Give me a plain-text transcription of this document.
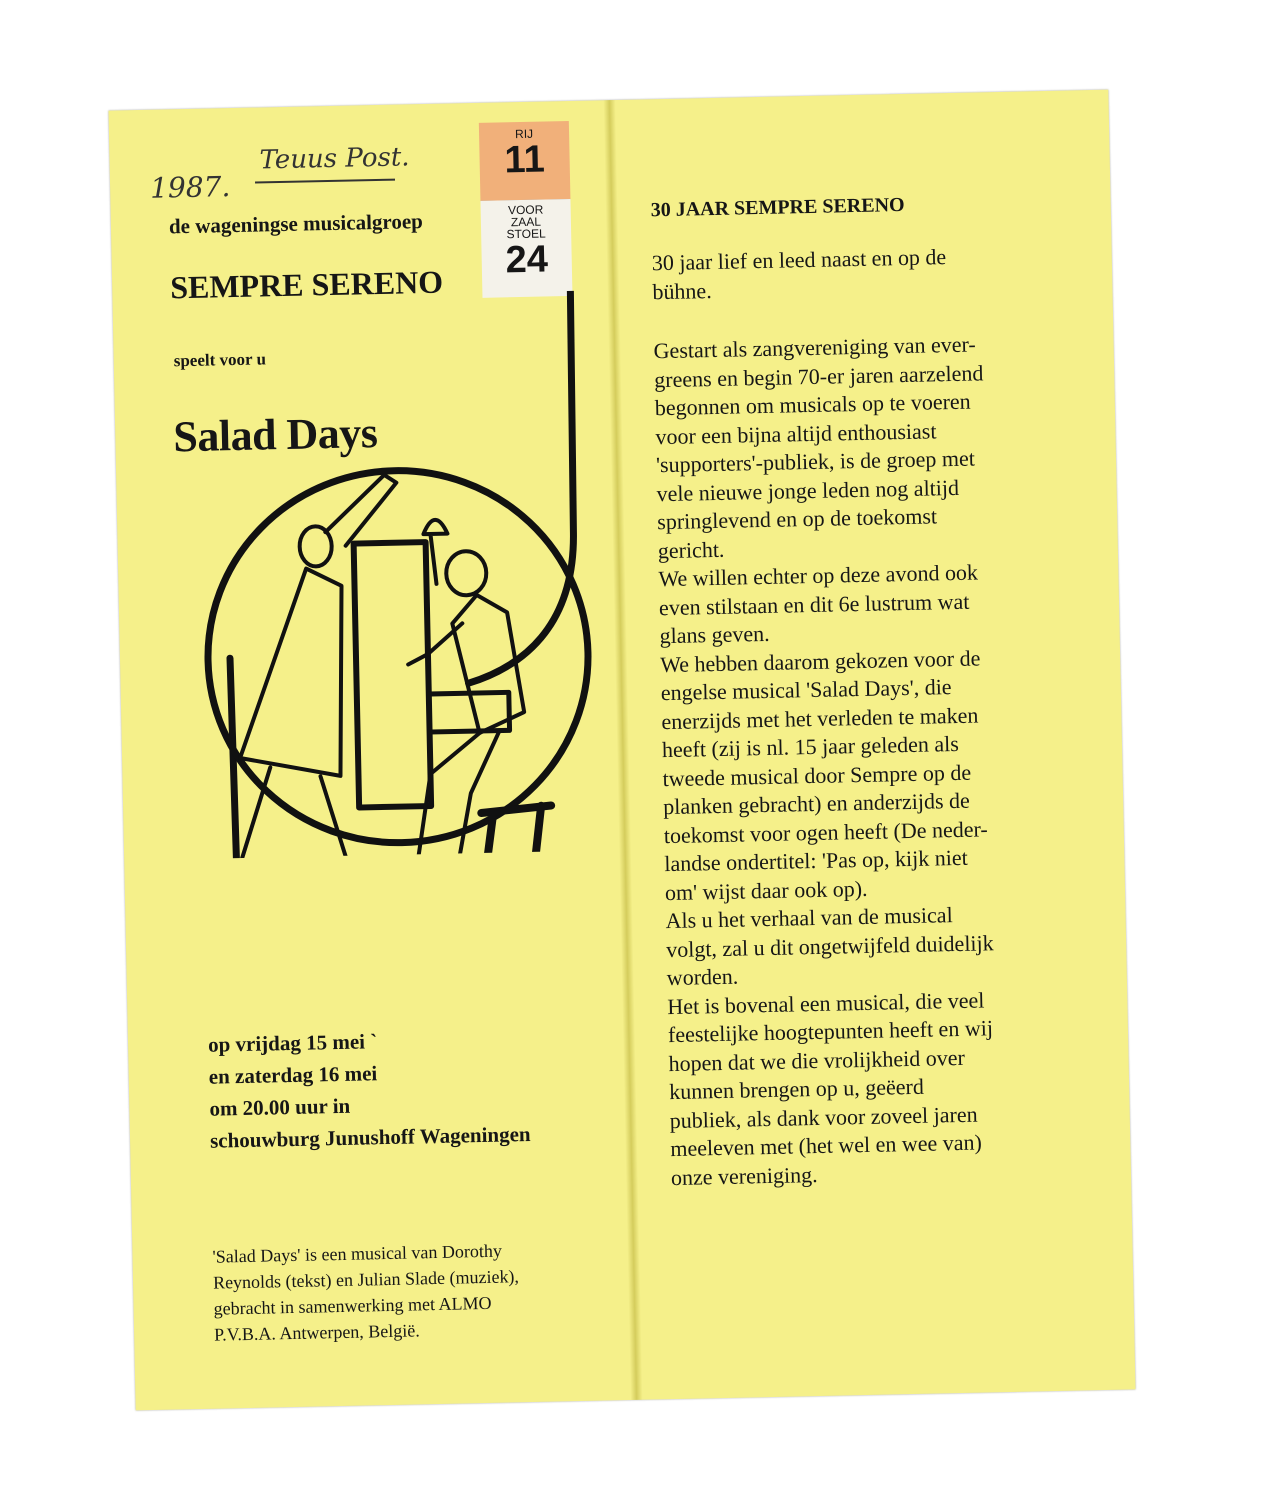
1987.
Teuus Post.
RIJ
11
VOOR
ZAAL
STOEL
24
de wageningse musicalgroep
SEMPRE SERENO
speelt voor u
Salad Days
op vrijdag 15 mei `
en zaterdag 16 mei
om 20.00 uur in
schouwburg Junushoff Wageningen
'Salad Days' is een musical van Dorothy
Reynolds (tekst) en Julian Slade (muziek),
gebracht in samenwerking met ALMO
P.V.B.A. Antwerpen, België.
30 JAAR SEMPRE SERENO

30 jaar lief en leed naast en op de

bühne.

Gestart als zangvereniging van ever-

greens en begin 70-er jaren aarzelend

begonnen om musicals op te voeren

voor een bijna altijd enthousiast

'supporters'-publiek, is de groep met

vele nieuwe jonge leden nog altijd

springlevend en op de toekomst

gericht.

We willen echter op deze avond ook

even stilstaan en dit 6e lustrum wat

glans geven.

We hebben daarom gekozen voor de

engelse musical 'Salad Days', die

enerzijds met het verleden te maken

heeft (zij is nl. 15 jaar geleden als

tweede musical door Sempre op de

planken gebracht) en anderzijds de

toekomst voor ogen heeft (De neder-

landse ondertitel: 'Pas op, kijk niet

om' wijst daar ook op).

Als u het verhaal van de musical

volgt, zal u dit ongetwijfeld duidelijk

worden.

Het is bovenal een musical, die veel

feestelijke hoogtepunten heeft en wij

hopen dat we die vrolijkheid over

kunnen brengen op u, geëerd

publiek, als dank voor zoveel jaren

meeleven met (het wel en wee van)

onze vereniging.
